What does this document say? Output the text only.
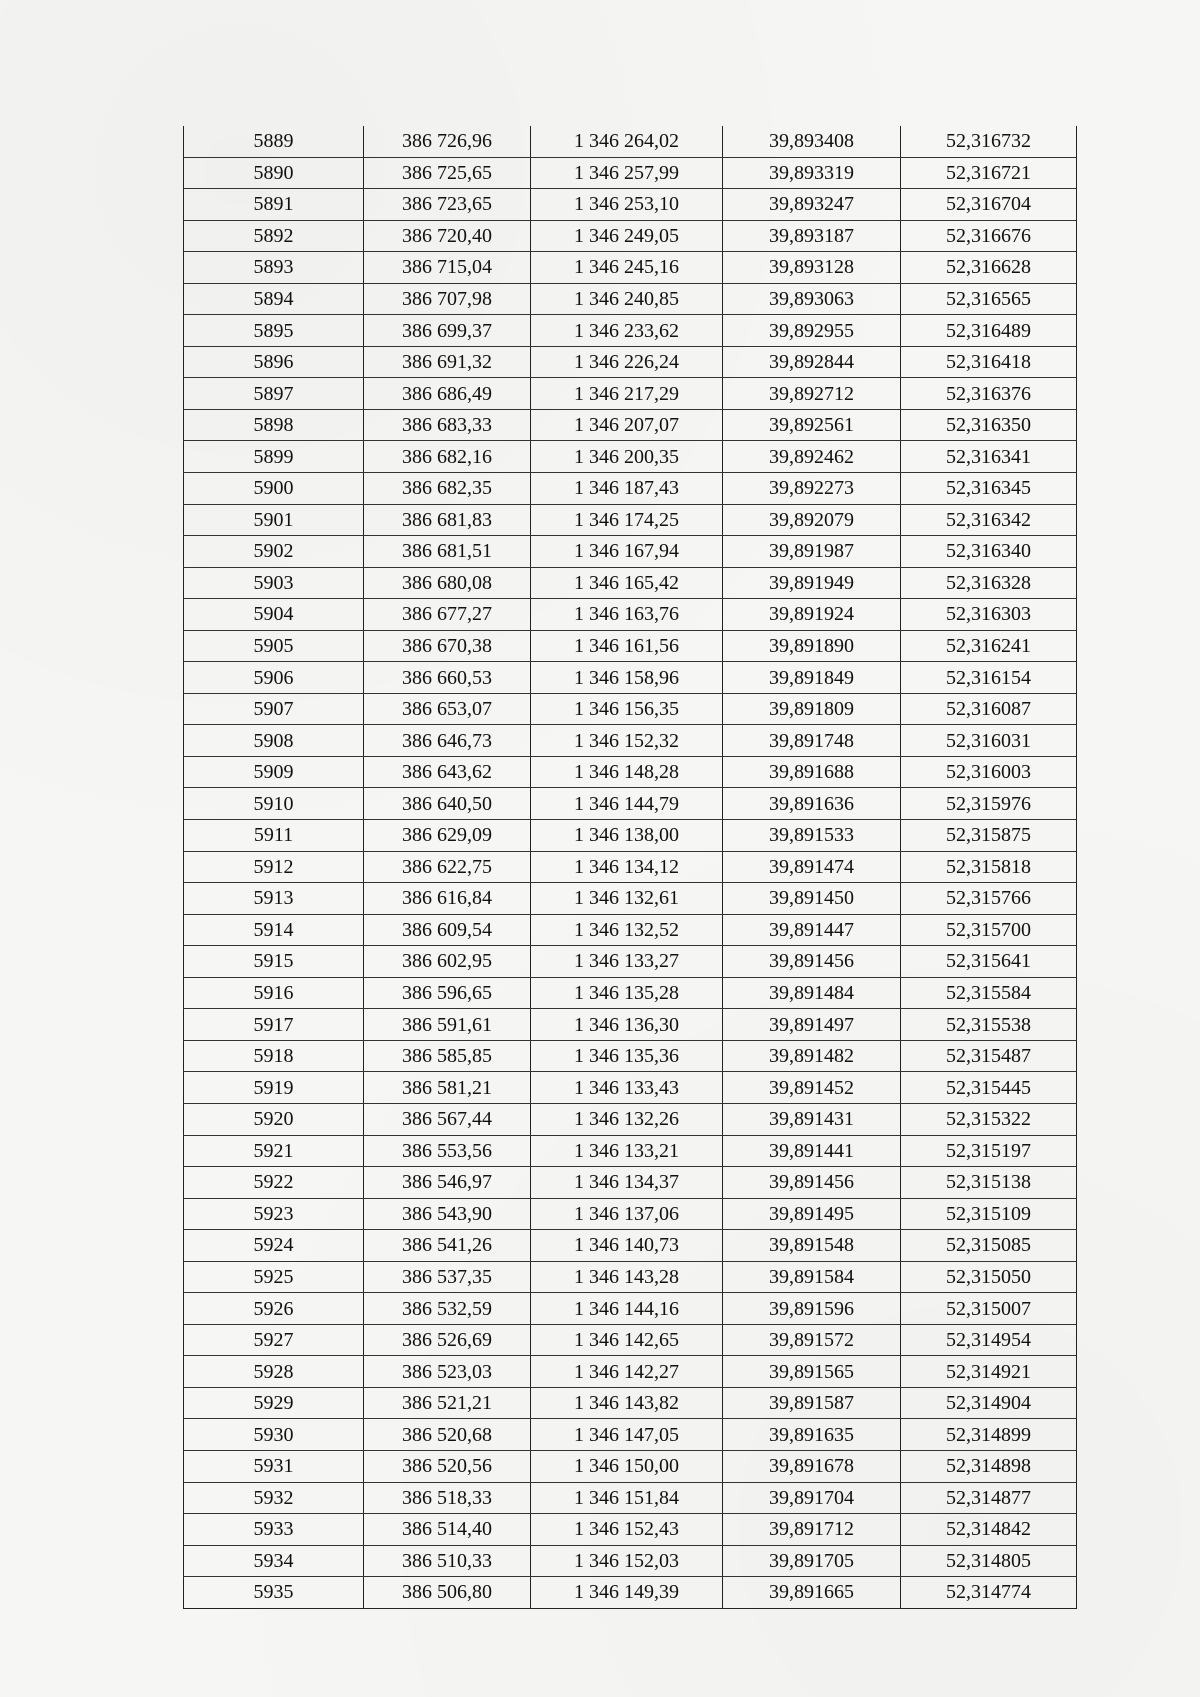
5889	386 726,96	1 346 264,02	39,893408	52,316732
5890	386 725,65	1 346 257,99	39,893319	52,316721
5891	386 723,65	1 346 253,10	39,893247	52,316704
5892	386 720,40	1 346 249,05	39,893187	52,316676
5893	386 715,04	1 346 245,16	39,893128	52,316628
5894	386 707,98	1 346 240,85	39,893063	52,316565
5895	386 699,37	1 346 233,62	39,892955	52,316489
5896	386 691,32	1 346 226,24	39,892844	52,316418
5897	386 686,49	1 346 217,29	39,892712	52,316376
5898	386 683,33	1 346 207,07	39,892561	52,316350
5899	386 682,16	1 346 200,35	39,892462	52,316341
5900	386 682,35	1 346 187,43	39,892273	52,316345
5901	386 681,83	1 346 174,25	39,892079	52,316342
5902	386 681,51	1 346 167,94	39,891987	52,316340
5903	386 680,08	1 346 165,42	39,891949	52,316328
5904	386 677,27	1 346 163,76	39,891924	52,316303
5905	386 670,38	1 346 161,56	39,891890	52,316241
5906	386 660,53	1 346 158,96	39,891849	52,316154
5907	386 653,07	1 346 156,35	39,891809	52,316087
5908	386 646,73	1 346 152,32	39,891748	52,316031
5909	386 643,62	1 346 148,28	39,891688	52,316003
5910	386 640,50	1 346 144,79	39,891636	52,315976
5911	386 629,09	1 346 138,00	39,891533	52,315875
5912	386 622,75	1 346 134,12	39,891474	52,315818
5913	386 616,84	1 346 132,61	39,891450	52,315766
5914	386 609,54	1 346 132,52	39,891447	52,315700
5915	386 602,95	1 346 133,27	39,891456	52,315641
5916	386 596,65	1 346 135,28	39,891484	52,315584
5917	386 591,61	1 346 136,30	39,891497	52,315538
5918	386 585,85	1 346 135,36	39,891482	52,315487
5919	386 581,21	1 346 133,43	39,891452	52,315445
5920	386 567,44	1 346 132,26	39,891431	52,315322
5921	386 553,56	1 346 133,21	39,891441	52,315197
5922	386 546,97	1 346 134,37	39,891456	52,315138
5923	386 543,90	1 346 137,06	39,891495	52,315109
5924	386 541,26	1 346 140,73	39,891548	52,315085
5925	386 537,35	1 346 143,28	39,891584	52,315050
5926	386 532,59	1 346 144,16	39,891596	52,315007
5927	386 526,69	1 346 142,65	39,891572	52,314954
5928	386 523,03	1 346 142,27	39,891565	52,314921
5929	386 521,21	1 346 143,82	39,891587	52,314904
5930	386 520,68	1 346 147,05	39,891635	52,314899
5931	386 520,56	1 346 150,00	39,891678	52,314898
5932	386 518,33	1 346 151,84	39,891704	52,314877
5933	386 514,40	1 346 152,43	39,891712	52,314842
5934	386 510,33	1 346 152,03	39,891705	52,314805
5935	386 506,80	1 346 149,39	39,891665	52,314774
